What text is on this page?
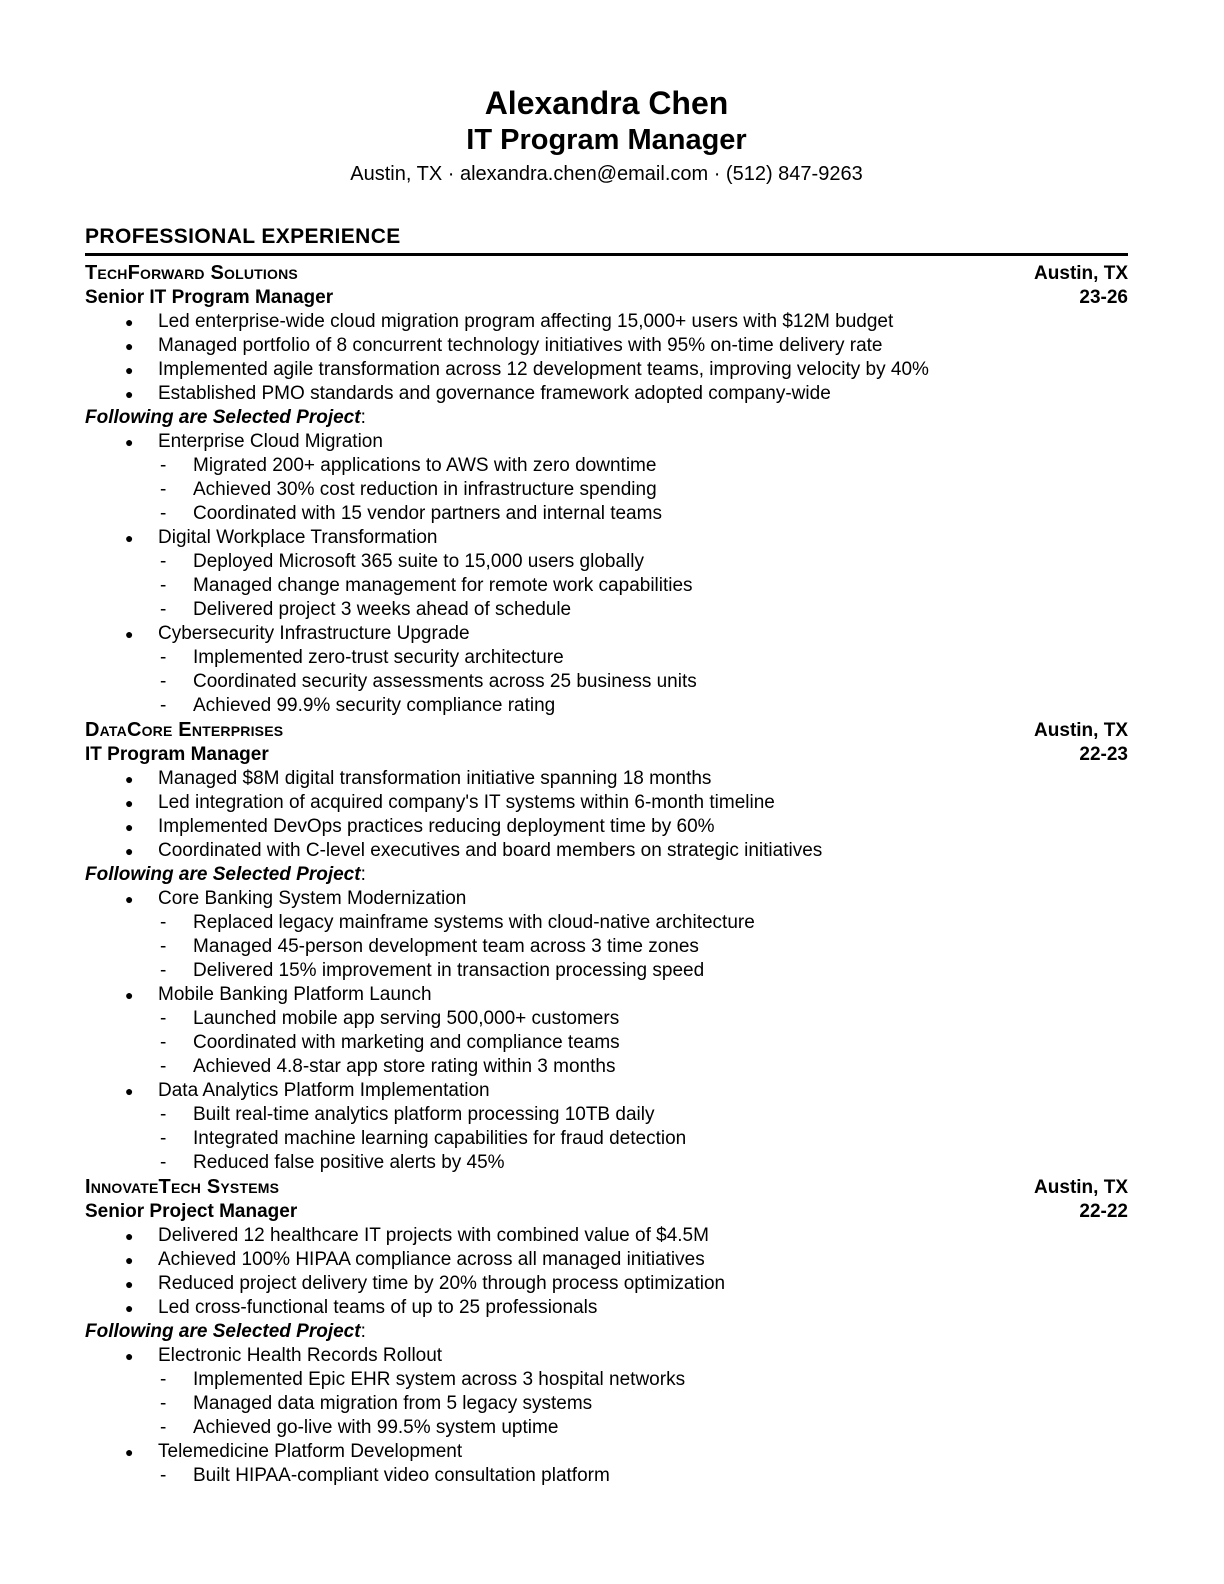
Alexandra Chen
IT Program Manager

Austin, TX · alexandra.chen@email.com · (512) 847-9263

PROFESSIONAL EXPERIENCE
TechForward Solutions	Austin, TX
Senior IT Program Manager	23-26
●	Led enterprise-wide cloud migration program affecting 15,000+ users with $12M budget
●	Managed portfolio of 8 concurrent technology initiatives with 95% on-time delivery rate
●	Implemented agile transformation across 12 development teams, improving velocity by 40%
●	Established PMO standards and governance framework adopted company-wide

Following are Selected Project:

●	Enterprise Cloud Migration
-	Migrated 200+ applications to AWS with zero downtime
-	Achieved 30% cost reduction in infrastructure spending
-	Coordinated with 15 vendor partners and internal teams
●	Digital Workplace Transformation
-	Deployed Microsoft 365 suite to 15,000 users globally
-	Managed change management for remote work capabilities
-	Delivered project 3 weeks ahead of schedule
●	Cybersecurity Infrastructure Upgrade
-	Implemented zero-trust security architecture
-	Coordinated security assessments across 25 business units
-	Achieved 99.9% security compliance rating
DataCore Enterprises	Austin, TX
IT Program Manager	22-23
●	Managed $8M digital transformation initiative spanning 18 months
●	Led integration of acquired company's IT systems within 6-month timeline
●	Implemented DevOps practices reducing deployment time by 60%
●	Coordinated with C-level executives and board members on strategic initiatives

Following are Selected Project:

●	Core Banking System Modernization
-	Replaced legacy mainframe systems with cloud-native architecture
-	Managed 45-person development team across 3 time zones
-	Delivered 15% improvement in transaction processing speed
●	Mobile Banking Platform Launch
-	Launched mobile app serving 500,000+ customers
-	Coordinated with marketing and compliance teams
-	Achieved 4.8-star app store rating within 3 months
●	Data Analytics Platform Implementation
-	Built real-time analytics platform processing 10TB daily
-	Integrated machine learning capabilities for fraud detection
-	Reduced false positive alerts by 45%
InnovateTech Systems	Austin, TX
Senior Project Manager	22-22
●	Delivered 12 healthcare IT projects with combined value of $4.5M
●	Achieved 100% HIPAA compliance across all managed initiatives
●	Reduced project delivery time by 20% through process optimization
●	Led cross-functional teams of up to 25 professionals

Following are Selected Project:

●	Electronic Health Records Rollout
-	Implemented Epic EHR system across 3 hospital networks
-	Managed data migration from 5 legacy systems
-	Achieved go-live with 99.5% system uptime
●	Telemedicine Platform Development
-	Built HIPAA-compliant video consultation platform
